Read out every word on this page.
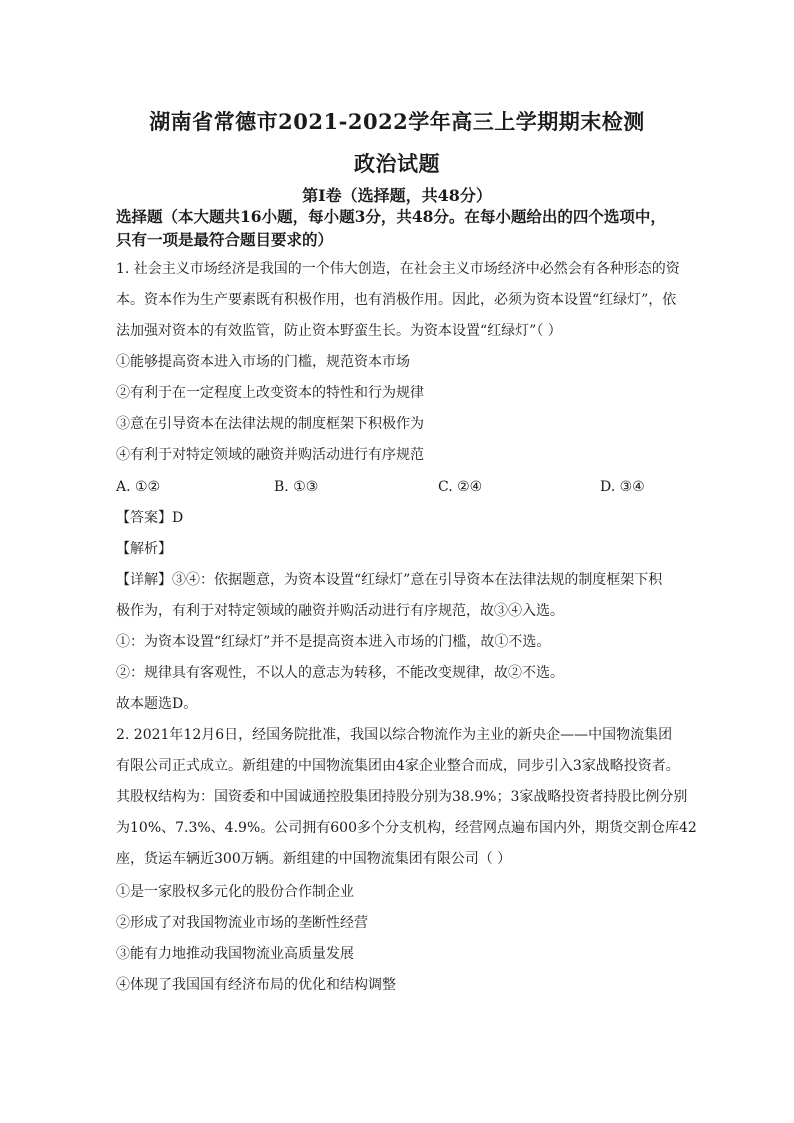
湖南省常德市2021-2022学年高三上学期期末检测
政治试题
第Ⅰ卷（选择题，共48分）
选择题（本大题共16小题，每小题3分，共48分。在每小题给出的四个选项中，
只有一项是最符合题目要求的）
1. 社会主义市场经济是我国的一个伟大创造，在社会主义市场经济中必然会有各种形态的资
本。资本作为生产要素既有积极作用，也有消极作用。因此，必须为资本设置“红绿灯”，依
法加强对资本的有效监管，防止资本野蛮生长。为资本设置“红绿灯”（ ）
①能够提高资本进入市场的门槛，规范资本市场
②有利于在一定程度上改变资本的特性和行为规律
③意在引导资本在法律法规的制度框架下积极作为
④有利于对特定领域的融资并购活动进行有序规范
A. ①②	B. ①③	C. ②④	D. ③④
【答案】D
【解析】
【详解】③④：依据题意，为资本设置“红绿灯”意在引导资本在法律法规的制度框架下积
极作为，有利于对特定领域的融资并购活动进行有序规范，故③④入选。
①：为资本设置“红绿灯”并不是提高资本进入市场的门槛，故①不选。
②：规律具有客观性，不以人的意志为转移，不能改变规律，故②不选。
故本题选D。
2. 2021年12月6日，经国务院批准，我国以综合物流作为主业的新央企——中国物流集团
有限公司正式成立。新组建的中国物流集团由4家企业整合而成，同步引入3家战略投资者。
其股权结构为：国资委和中国诚通控股集团持股分别为38.9%；3家战略投资者持股比例分别
为10%、7.3%、4.9%。公司拥有600多个分支机构，经营网点遍布国内外，期货交割仓库42
座，货运车辆近300万辆。新组建的中国物流集团有限公司（ ）
①是一家股权多元化的股份合作制企业
②形成了对我国物流业市场的垄断性经营
③能有力地推动我国物流业高质量发展
④体现了我国国有经济布局的优化和结构调整
